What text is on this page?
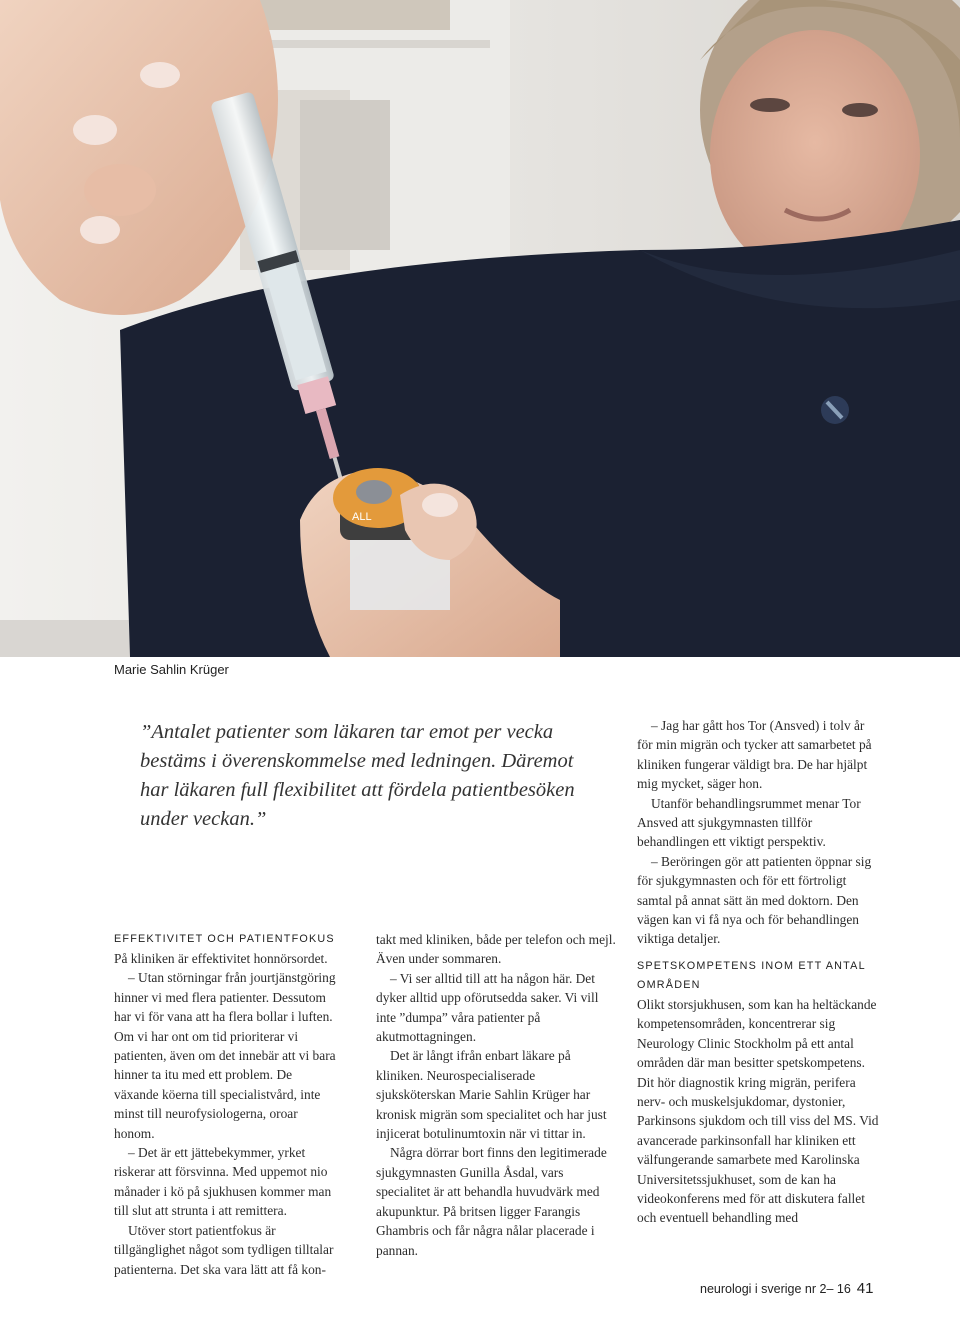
ALL
Marie Sahlin Krüger
”Antalet patienter som läkaren tar emot per vecka bestäms i överenskommelse med ledningen. Däremot har läkaren full flexibilitet att fördela patientbesöken under veckan.”
EFFEKTIVITET OCH PATIENTFOKUS

På kliniken är effektivitet honnörsordet.

– Utan störningar från jourtjänstgöring hinner vi med flera patienter. Dessutom har vi för vana att ha flera bollar i luften. Om vi har ont om tid prioriterar vi patienten, även om det innebär att vi bara hinner ta itu med ett problem. De växande köerna till specialistvård, inte minst till neurofysiologerna, oroar honom.

– Det är ett jättebekymmer, yrket riskerar att försvinna. Med uppemot nio månader i kö på sjukhusen kommer man till slut att strunta i att remittera.

Utöver stort patientfokus är tillgänglighet något som tydligen tilltalar patienterna. Det ska vara lätt att få kon-

takt med kliniken, både per telefon och mejl. Även under sommaren.

– Vi ser alltid till att ha någon här. Det dyker alltid upp oförutsedda saker. Vi vill inte ”dumpa” våra patienter på akutmottagningen.

Det är långt ifrån enbart läkare på kliniken. Neurospecialiserade sjuksköterskan Marie Sahlin Krüger har kronisk migrän som specialitet och har just injicerat botulinumtoxin när vi tittar in.

Några dörrar bort finns den legitimerade sjukgymnasten Gunilla Åsdal, vars specialitet är att behandla huvudvärk med akupunktur. På britsen ligger Farangis Ghambris och får några nålar placerade i pannan.

– Jag har gått hos Tor (Ansved) i tolv år för min migrän och tycker att samarbetet på kliniken fungerar väldigt bra. De har hjälpt mig mycket, säger hon.

Utanför behandlingsrummet menar Tor Ansved att sjukgymnasten tillför behandlingen ett viktigt perspektiv.

– Beröringen gör att patienten öppnar sig för sjukgymnasten och för ett förtroligt samtal på annat sätt än med doktorn. Den vägen kan vi få nya och för behandlingen viktiga detaljer.

SPETSKOMPETENS INOM ETT ANTAL OMRÅDEN

Olikt storsjukhusen, som kan ha heltäckande kompetensområden, koncentrerar sig Neurology Clinic Stockholm på ett antal områden där man besitter spetskompetens. Dit hör diagnostik kring migrän, perifera nerv- och muskelsjukdomar, dystonier, Parkinsons sjukdom och till viss del MS. Vid avancerade parkinsonfall har kliniken ett välfungerande samarbete med Karolinska Universitetssjukhuset, som de kan ha videokonferens med för att diskutera fallet och eventuell behandling med

neurologi i sverige nr 2– 16 41
